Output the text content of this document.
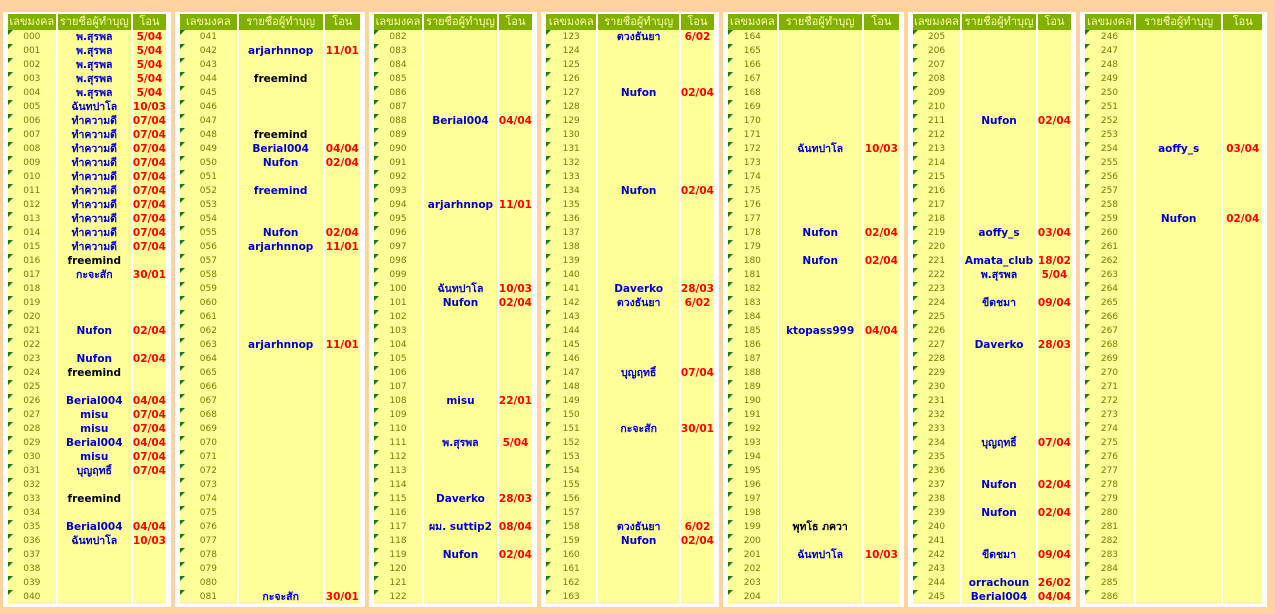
เลขมงคล	รายชื่อผู้ทำบุญ	โอน
000	พ.สุรพล	5/04
001	พ.สุรพล	5/04
002	พ.สุรพล	5/04
003	พ.สุรพล	5/04
004	พ.สุรพล	5/04
005	ฉันทปาโล	10/03
006	ทำความดี	07/04
007	ทำความดี	07/04
008	ทำความดี	07/04
009	ทำความดี	07/04
010	ทำความดี	07/04
011	ทำความดี	07/04
012	ทำความดี	07/04
013	ทำความดี	07/04
014	ทำความดี	07/04
015	ทำความดี	07/04
016	freemind	
017	กะจะสัก	30/01
018		
019		
020		
021	Nufon	02/04
022		
023	Nufon	02/04
024	freemind	
025		
026	Berial004	04/04
027	misu	07/04
028	misu	07/04
029	Berial004	04/04
030	misu	07/04
031	บุญฤทธิ์	07/04
032		
033	freemind	
034		
035	Berial004	04/04
036	ฉันทปาโล	10/03
037		
038		
039		
040		
เลขมงคล	รายชื่อผู้ทำบุญ	โอน
041		
042	arjarhnnop	11/01
043		
044	freemind	
045		
046		
047		
048	freemind	
049	Berial004	04/04
050	Nufon	02/04
051		
052	freemind	
053		
054		
055	Nufon	02/04
056	arjarhnnop	11/01
057		
058		
059		
060		
061		
062		
063	arjarhnnop	11/01
064		
065		
066		
067		
068		
069		
070		
071		
072		
073		
074		
075		
076		
077		
078		
079		
080		
081	กะจะสัก	30/01
เลขมงคล	รายชื่อผู้ทำบุญ	โอน
082		
083		
084		
085		
086		
087		
088	Berial004	04/04
089		
090		
091		
092		
093		
094	arjarhnnop	11/01
095		
096		
097		
098		
099		
100	ฉันทปาโล	10/03
101	Nufon	02/04
102		
103		
104		
105		
106		
107		
108	misu	22/01
109		
110		
111	พ.สุรพล	5/04
112		
113		
114		
115	Daverko	28/03
116		
117	ผม. suttip2	08/04
118		
119	Nufon	02/04
120		
121		
122		
เลขมงคล	รายชื่อผู้ทำบุญ	โอน
123	ตวงธันยา	6/02
124		
125		
126		
127	Nufon	02/04
128		
129		
130		
131		
132		
133		
134	Nufon	02/04
135		
136		
137		
138		
139		
140		
141	Daverko	28/03
142	ตวงธันยา	6/02
143		
144		
145		
146		
147	บุญฤทธิ์	07/04
148		
149		
150		
151	กะจะสัก	30/01
152		
153		
154		
155		
156		
157		
158	ตวงธันยา	6/02
159	Nufon	02/04
160		
161		
162		
163		
เลขมงคล	รายชื่อผู้ทำบุญ	โอน
164		
165		
166		
167		
168		
169		
170		
171		
172	ฉันทปาโล	10/03
173		
174		
175		
176		
177		
178	Nufon	02/04
179		
180	Nufon	02/04
181		
182		
183		
184		
185	ktopass999	04/04
186		
187		
188		
189		
190		
191		
192		
193		
194		
195		
196		
197		
198		
199	พุทโธ ภควา	
200		
201	ฉันทปาโล	10/03
202		
203		
204		
เลขมงคล	รายชื่อผู้ทำบุญ	โอน
205		
206		
207		
208		
209		
210		
211	Nufon	02/04
212		
213		
214		
215		
216		
217		
218		
219	aoffy_s	03/04
220		
221	Amata_club	18/02
222	พ.สุรพล	5/04
223		
224	ขีดชมา	09/04
225		
226		
227	Daverko	28/03
228		
229		
230		
231		
232		
233		
234	บุญฤทธิ์	07/04
235		
236		
237	Nufon	02/04
238		
239	Nufon	02/04
240		
241		
242	ขีดชมา	09/04
243		
244	orrachoun	26/02
245	Berial004	04/04
เลขมงคล	รายชื่อผู้ทำบุญ	โอน
246		
247		
248		
249		
250		
251		
252		
253		
254	aoffy_s	03/04
255		
256		
257		
258		
259	Nufon	02/04
260		
261		
262		
263		
264		
265		
266		
267		
268		
269		
270		
271		
272		
273		
274		
275		
276		
277		
278		
279		
280		
281		
282		
283		
284		
285		
286		
